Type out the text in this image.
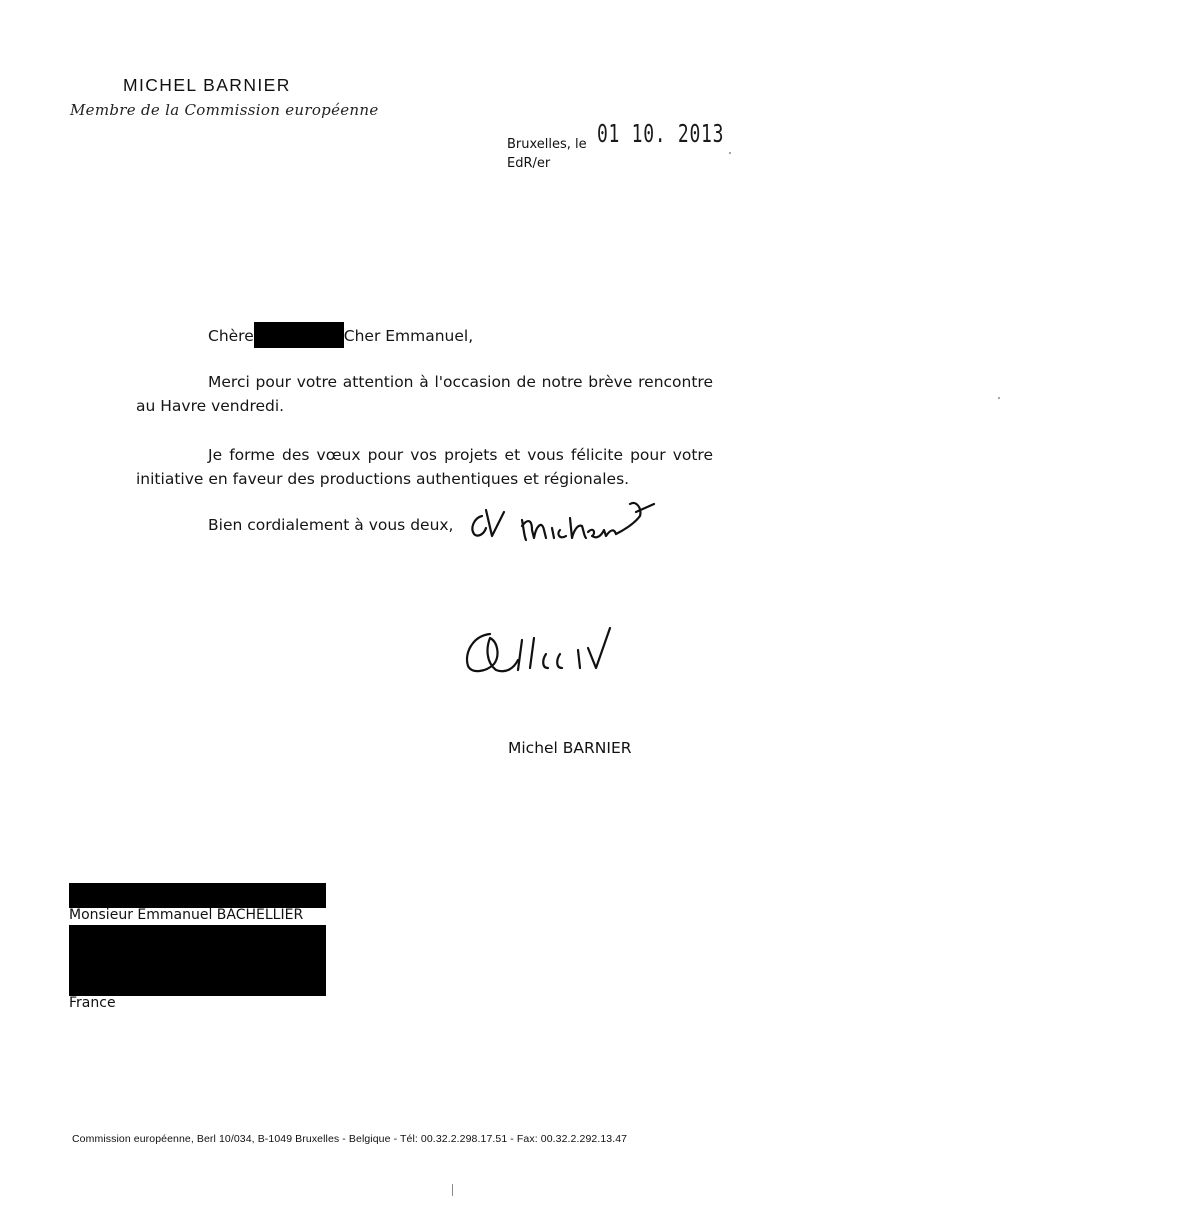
MICHEL BARNIER
Membre de la Commission européenne
Bruxelles, le 01 10. 2013
EdR/er
Chère	Cher Emmanuel,
Merci pour votre attention à l'occasion de notre brève rencontre au Havre vendredi.
Je forme des vœux pour vos projets et vous félicite pour votre initiative en faveur des productions authentiques et régionales.
Bien cordialement à vous deux,
Michel BARNIER
Monsieur Emmanuel BACHELLIER
France
Commission européenne, Berl 10/034, B-1049 Bruxelles - Belgique - Tél: 00.32.2.298.17.51 - Fax: 00.32.2.292.13.47
